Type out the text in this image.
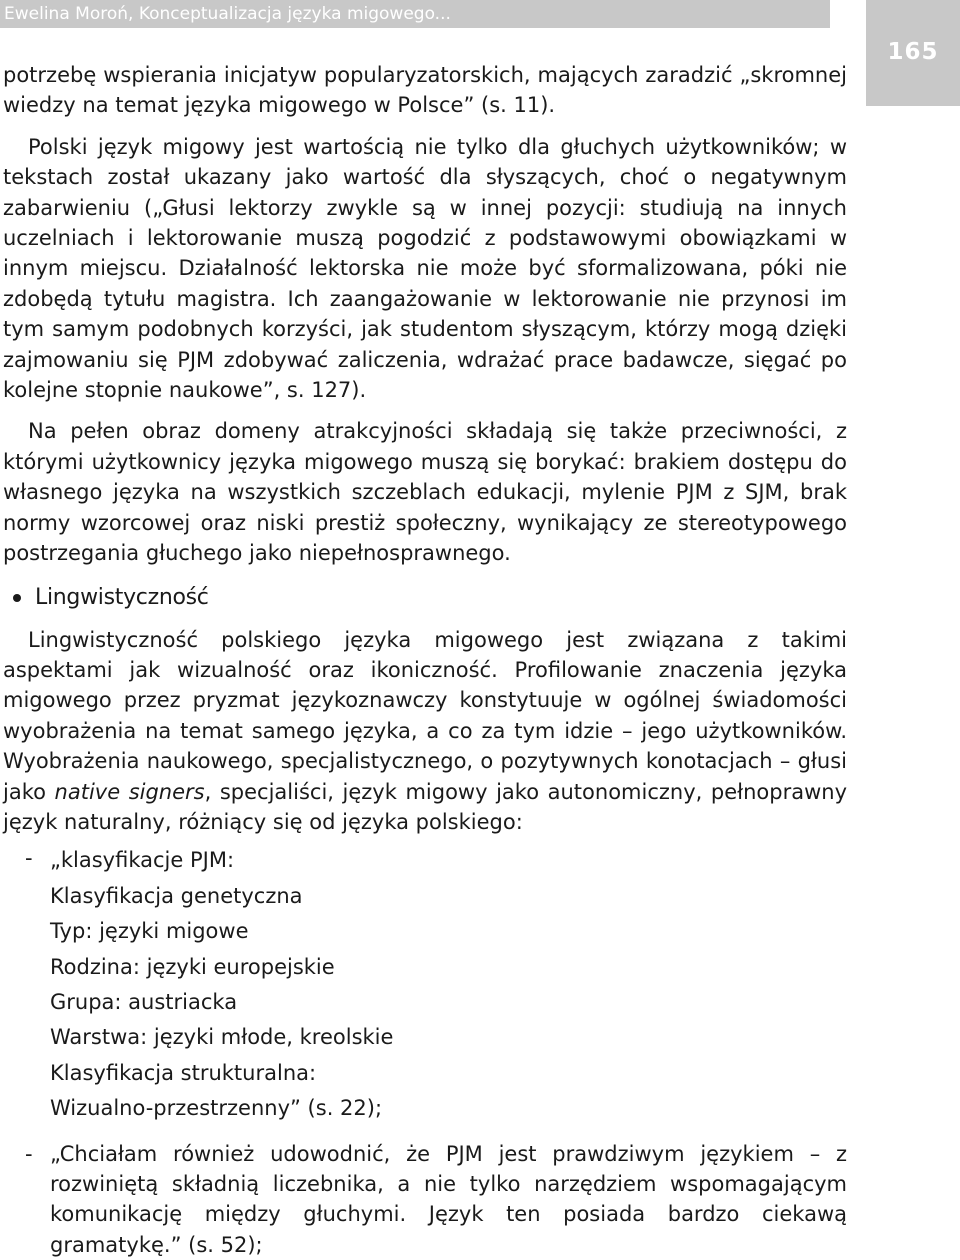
Ewelina Moroń, Konceptualizacja języka migowego...
165

potrzebę wspierania inicjatyw popularyzatorskich, mających zaradzić „skromnej wiedzy na temat języka migowego w Polsce” (s. 11).

Polski język migowy jest wartością nie tylko dla głuchych użytkowników; w tekstach został ukazany jako wartość dla słyszących, choć o negatywnym zabarwieniu („Głusi lektorzy zwykle są w innej pozycji: studiują na innych uczelniach i lektorowanie muszą pogodzić z podstawowymi obowiązkami w innym miejscu. Działalność lektorska nie może być sformalizowana, póki nie zdobędą tytułu magistra. Ich zaangażowanie w lektorowanie nie przynosi im tym samym podobnych korzyści, jak studentom słyszącym, którzy mogą dzięki zajmowaniu się PJM zdobywać zaliczenia, wdrażać prace badawcze, sięgać po kolejne stopnie naukowe”, s. 127).

Na pełen obraz domeny atrakcyjności składają się także przeciwności, z którymi użytkownicy języka migowego muszą się borykać: brakiem dostępu do własnego języka na wszystkich szczeblach edukacji, mylenie PJM z SJM, brak normy wzorcowej oraz niski prestiż społeczny, wynikający ze stereotypowego postrzegania głuchego jako niepełnosprawnego.

Lingwistyczność

Lingwistyczność polskiego języka migowego jest związana z takimi aspektami jak wizualność oraz ikoniczność. Profilowanie znaczenia języka migowego przez pryzmat językoznawczy konstytuuje w ogólnej świadomości wyobrażenia na temat samego języka, a co za tym idzie – jego użytkowników. Wyobrażenia naukowego, specjalistycznego, o pozytywnych konotacjach – głusi jako native signers, specjaliści, język migowy jako autonomiczny, pełnoprawny język naturalny, różniący się od języka polskiego:

- „klasyfikacje PJM:
Klasyfikacja genetyczna
Typ: języki migowe
Rodzina: języki europejskie
Grupa: austriacka
Warstwa: języki młode, kreolskie
Klasyfikacja strukturalna:
Wizualno-przestrzenny” (s. 22);
- „Chciałam również udowodnić, że PJM jest prawdziwym językiem – z rozwiniętą składnią liczebnika, a nie tylko narzędziem wspomagającym komunikację między głuchymi. Język ten posiada bardzo ciekawą gramatykę.” (s. 52);
